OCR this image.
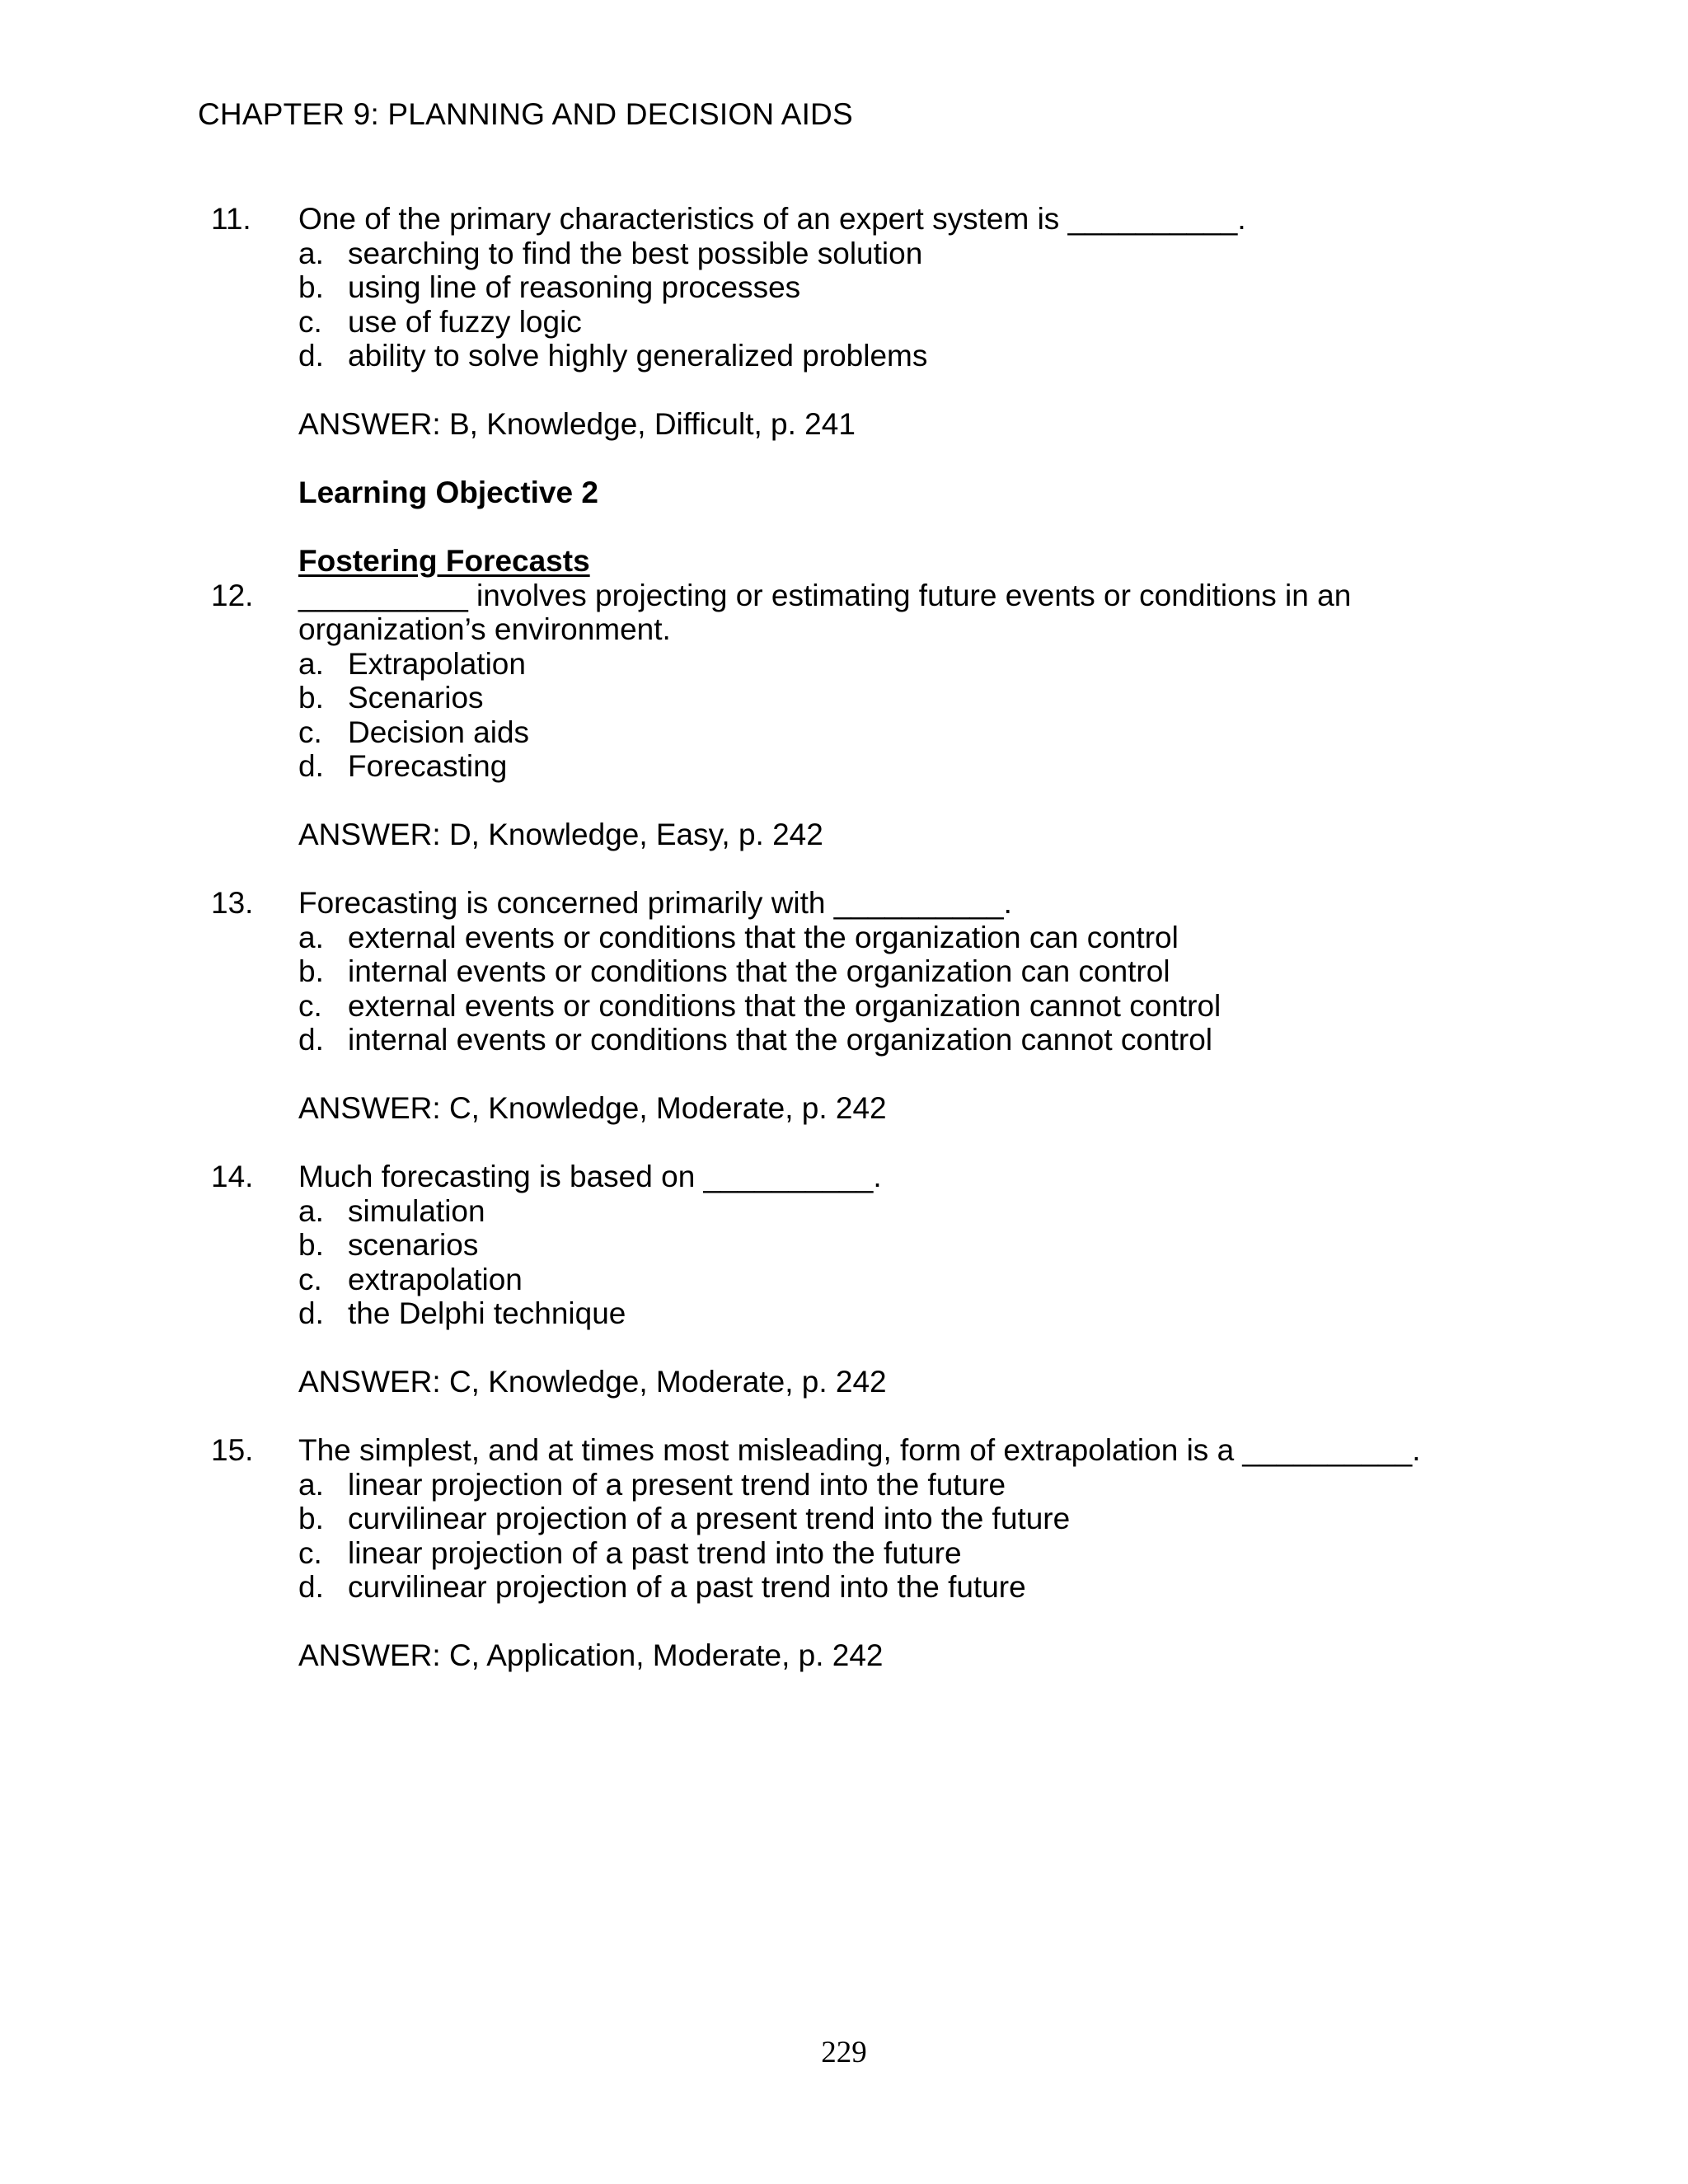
CHAPTER 9: PLANNING AND DECISION AIDS
11.	One of the primary characteristics of an expert system is __________.
a. searching to find the best possible solution
b. using line of reasoning processes
c. use of fuzzy logic
d. ability to solve highly generalized problems
ANSWER: B, Knowledge, Difficult, p. 241
Learning Objective 2
Fostering Forecasts
12.	__________ involves projecting or estimating future events or conditions in an organization’s environment.
a. Extrapolation
b. Scenarios
c. Decision aids
d. Forecasting
ANSWER: D, Knowledge, Easy, p. 242
13.	Forecasting is concerned primarily with __________.
a. external events or conditions that the organization can control
b. internal events or conditions that the organization can control
c. external events or conditions that the organization cannot control
d. internal events or conditions that the organization cannot control
ANSWER: C, Knowledge, Moderate, p. 242
14.	Much forecasting is based on __________.
a. simulation
b. scenarios
c. extrapolation
d. the Delphi technique
ANSWER: C, Knowledge, Moderate, p. 242
15.	The simplest, and at times most misleading, form of extrapolation is a __________.
a. linear projection of a present trend into the future
b. curvilinear projection of a present trend into the future
c. linear projection of a past trend into the future
d. curvilinear projection of a past trend into the future
ANSWER: C, Application, Moderate, p. 242
229
